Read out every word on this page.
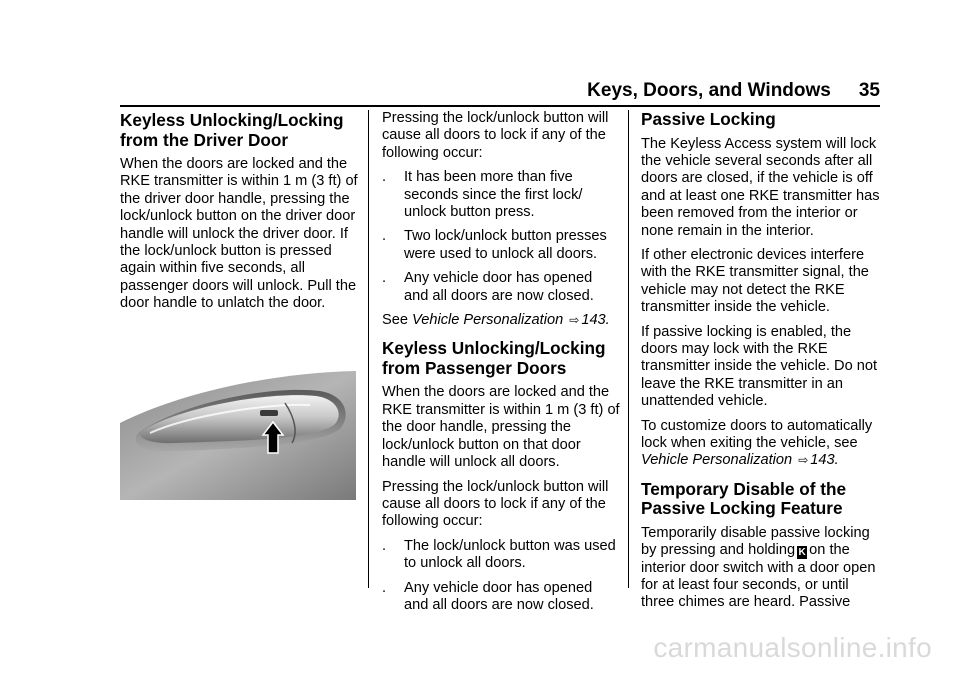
Keys, Doors, and Windows 35
Keyless Unlocking/Locking from the Driver Door

When the doors are locked and the RKE transmitter is within 1 m (3 ft) of the driver door handle, pressing the lock/unlock button on the driver door handle will unlock the driver door. If the lock/unlock button is pressed again within five seconds, all passenger doors will unlock. Pull the door handle to unlatch the door.

Pressing the lock/unlock button will cause all doors to lock if any of the following occur:

.	It has been more than five seconds since the first lock/ unlock button press.
.	Two lock/unlock button presses were used to unlock all doors.
.	Any vehicle door has opened and all doors are now closed.

See Vehicle Personalization ⇨ 143.

Keyless Unlocking/Locking from Passenger Doors

When the doors are locked and the RKE transmitter is within 1 m (3 ft) of the door handle, pressing the lock/unlock button on that door handle will unlock all doors.

Pressing the lock/unlock button will cause all doors to lock if any of the following occur:

.	The lock/unlock button was used to unlock all doors.
.	Any vehicle door has opened and all doors are now closed.
Passive Locking

The Keyless Access system will lock the vehicle several seconds after all doors are closed, if the vehicle is off and at least one RKE transmitter has been removed from the interior or none remain in the interior.

If other electronic devices interfere with the RKE transmitter signal, the vehicle may not detect the RKE transmitter inside the vehicle.

If passive locking is enabled, the doors may lock with the RKE transmitter inside the vehicle. Do not leave the RKE transmitter in an unattended vehicle.

To customize doors to automatically lock when exiting the vehicle, see Vehicle Personalization ⇨ 143.

Temporary Disable of the Passive Locking Feature

Temporarily disable passive locking by pressing and holding K on the interior door switch with a door open for at least four seconds, or until three chimes are heard. Passive

carmanualsonline.info
